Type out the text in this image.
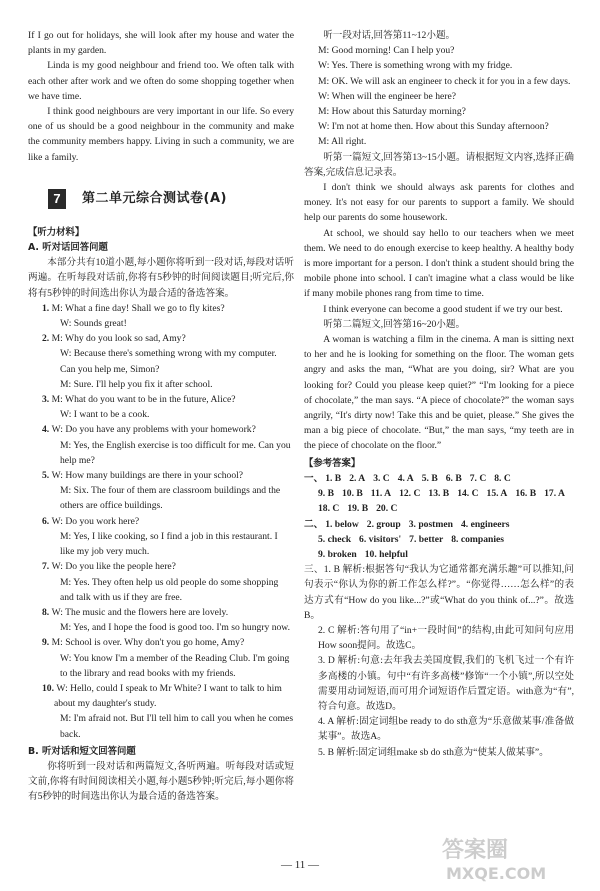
If I go out for holidays, she will look after my house and water the plants in my garden.

Linda is my good neighbour and friend too. We often talk with each other after work and we often do some shopping together when we have time.

I think good neighbours are very important in our life. So every one of us should be a good neighbour in the community and make the community members happy. Living in such a community, we are like a family.

7	第二单元综合测试卷(A)

【听力材料】

A. 听对话回答问题

本部分共有10道小题,每小题你将听到一段对话,每段对话听两遍。在听每段对话前,你将有5秒钟的时间阅读题目;听完后,你将有5秒钟的时间选出你认为最合适的备选答案。

1. M: What a fine day! Shall we go to fly kites?

W: Sounds great!

2. M: Why do you look so sad, Amy?

W: Because there's something wrong with my computer. Can you help me, Simon?

M: Sure. I'll help you fix it after school.

3. M: What do you want to be in the future, Alice?

W: I want to be a cook.

4. W: Do you have any problems with your homework?

M: Yes, the English exercise is too difficult for me. Can you help me?

5. W: How many buildings are there in your school?

M: Six. The four of them are classroom buildings and the others are office buildings.

6. W: Do you work here?

M: Yes, I like cooking, so I find a job in this restaurant. I like my job very much.

7. W: Do you like the people here?

M: Yes. They often help us old people do some shopping and talk with us if they are free.

8. W: The music and the flowers here are lovely.

M: Yes, and I hope the food is good too. I'm so hungry now.

9. M: School is over. Why don't you go home, Amy?

W: You know I'm a member of the Reading Club. I'm going to the library and read books with my friends.

10. W: Hello, could I speak to Mr White? I want to talk to him about my daughter's study.

M: I'm afraid not. But I'll tell him to call you when he comes back.

B. 听对话和短文回答问题

你将听到一段对话和两篇短文,各听两遍。听每段对话或短文前,你将有时间阅读相关小题,每小题5秒钟;听完后,每小题你将有5秒钟的时间选出你认为最合适的备选答案。

听一段对话,回答第11~12小题。

M: Good morning! Can I help you?

W: Yes. There is something wrong with my fridge.

M: OK. We will ask an engineer to check it for you in a few days.

W: When will the engineer be here?

M: How about this Saturday morning?

W: I'm not at home then. How about this Sunday afternoon?

M: All right.

听第一篇短文,回答第13~15小题。请根据短文内容,选择正确答案,完成信息记录表。

I don't think we should always ask parents for clothes and money. It's not easy for our parents to support a family. We should help our parents do some housework.

At school, we should say hello to our teachers when we meet them. We need to do enough exercise to keep healthy. A healthy body is more important for a person. I don't think a student should bring the mobile phone into school. I can't imagine what a class would be like if many mobile phones rang from time to time.

I think everyone can become a good student if we try our best.

听第二篇短文,回答第16~20小题。

A woman is watching a film in the cinema. A man is sitting next to her and he is looking for something on the floor. The woman gets angry and asks the man, “What are you doing, sir? What are you looking for? Could you please keep quiet?” “I'm looking for a piece of chocolate,” the man says. “A piece of chocolate?” the woman says angrily, “It's dirty now! Take this and be quiet, please.” She gives the man a big piece of chocolate. “But,” the man says, “my teeth are in the piece of chocolate on the floor.”

【参考答案】

一、 1. B 2. A 3. C 4. A 5. B 6. B 7. C 8. C
9. B 10. B 11. A 12. C 13. B 14. C 15. A 16. B 17. A
18. C 19. B 20. C
二、 1. below 2. group 3. postmen 4. engineers
5. check 6. visitors' 7. better 8. companies
9. broken 10. helpful

三、1. B 解析:根据答句“我认为它通常都充满乐趣”可以推知,问句表示“你认为你的新工作怎么样?”。“你觉得……怎么样”的表达方式有“How do you like...?”或“What do you think of...?”。故选B。

2. C 解析:答句用了“in+一段时间”的结构,由此可知问句应用How soon提问。故选C。

3. D 解析:句意:去年我去美国度假,我们的飞机飞过一个有许多高楼的小镇。句中“有许多高楼”修饰“一个小镇”,所以空处需要用动词短语,而可用介词短语作后置定语。with意为“有”,符合句意。故选D。

4. A 解析:固定词组be ready to do sth意为“乐意做某事/准备做某事”。故选A。

5. B 解析:固定词组make sb do sth意为“使某人做某事”。

— 11 —
答案圈
MXQE.COM
